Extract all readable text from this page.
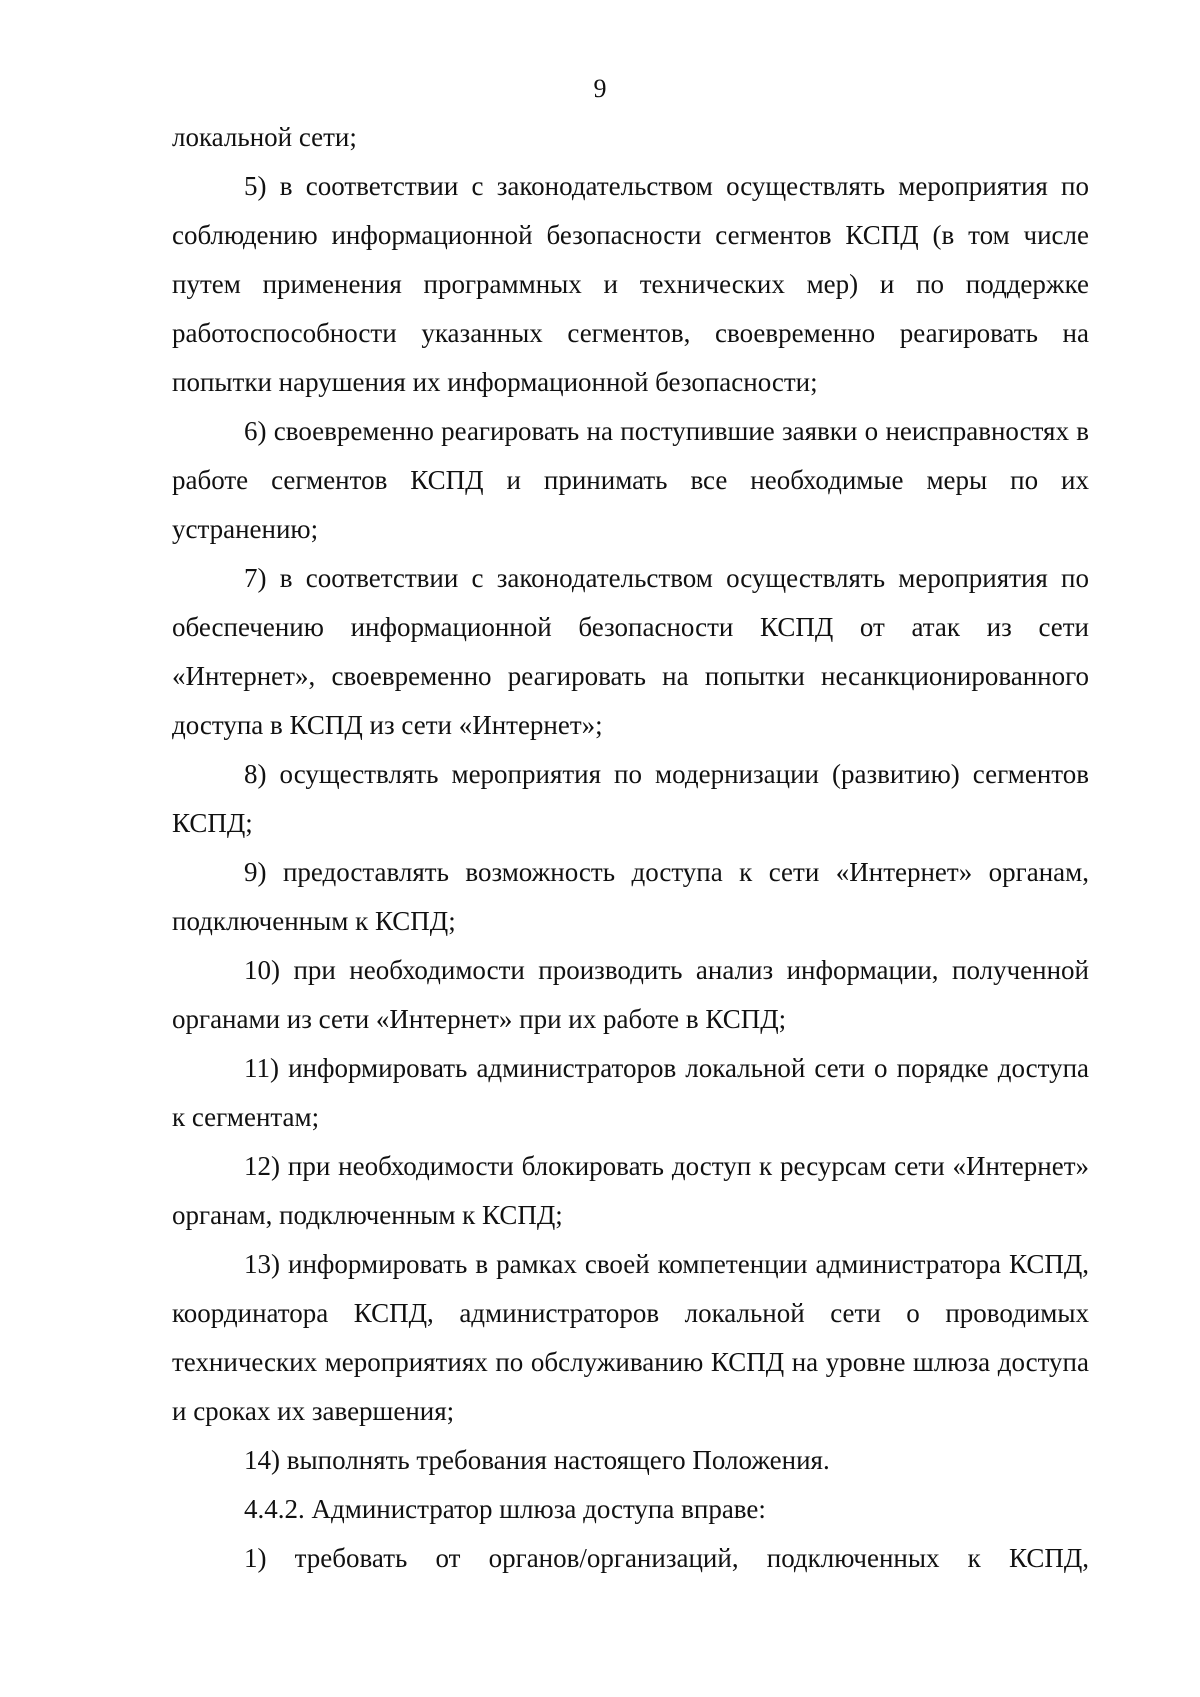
9

локальной сети;

5) в соответствии с законодательством осуществлять мероприятия по соблюдению информационной безопасности сегментов КСПД (в том числе путем применения программных и технических мер) и по поддержке работоспособности указанных сегментов, своевременно реагировать на попытки нарушения их информационной безопасности;

6) своевременно реагировать на поступившие заявки о неисправностях в работе сегментов КСПД и принимать все необходимые меры по их устранению;

7) в соответствии с законодательством осуществлять мероприятия по обеспечению информационной безопасности КСПД от атак из сети «Интернет», своевременно реагировать на попытки несанкционированного доступа в КСПД из сети «Интернет»;

8) осуществлять мероприятия по модернизации (развитию) сегментов КСПД;

9) предоставлять возможность доступа к сети «Интернет» органам, подключенным к КСПД;

10) при необходимости производить анализ информации, полученной органами из сети «Интернет» при их работе в КСПД;

11) информировать администраторов локальной сети о порядке доступа к сегментам;

12) при необходимости блокировать доступ к ресурсам сети «Интернет» органам, подключенным к КСПД;

13) информировать в рамках своей компетенции администратора КСПД, координатора КСПД, администраторов локальной сети о проводимых технических мероприятиях по обслуживанию КСПД на уровне шлюза доступа и сроках их завершения;

14) выполнять требования настоящего Положения.

4.4.2. Администратор шлюза доступа вправе:

1) требовать от органов/организаций, подключенных к КСПД,
